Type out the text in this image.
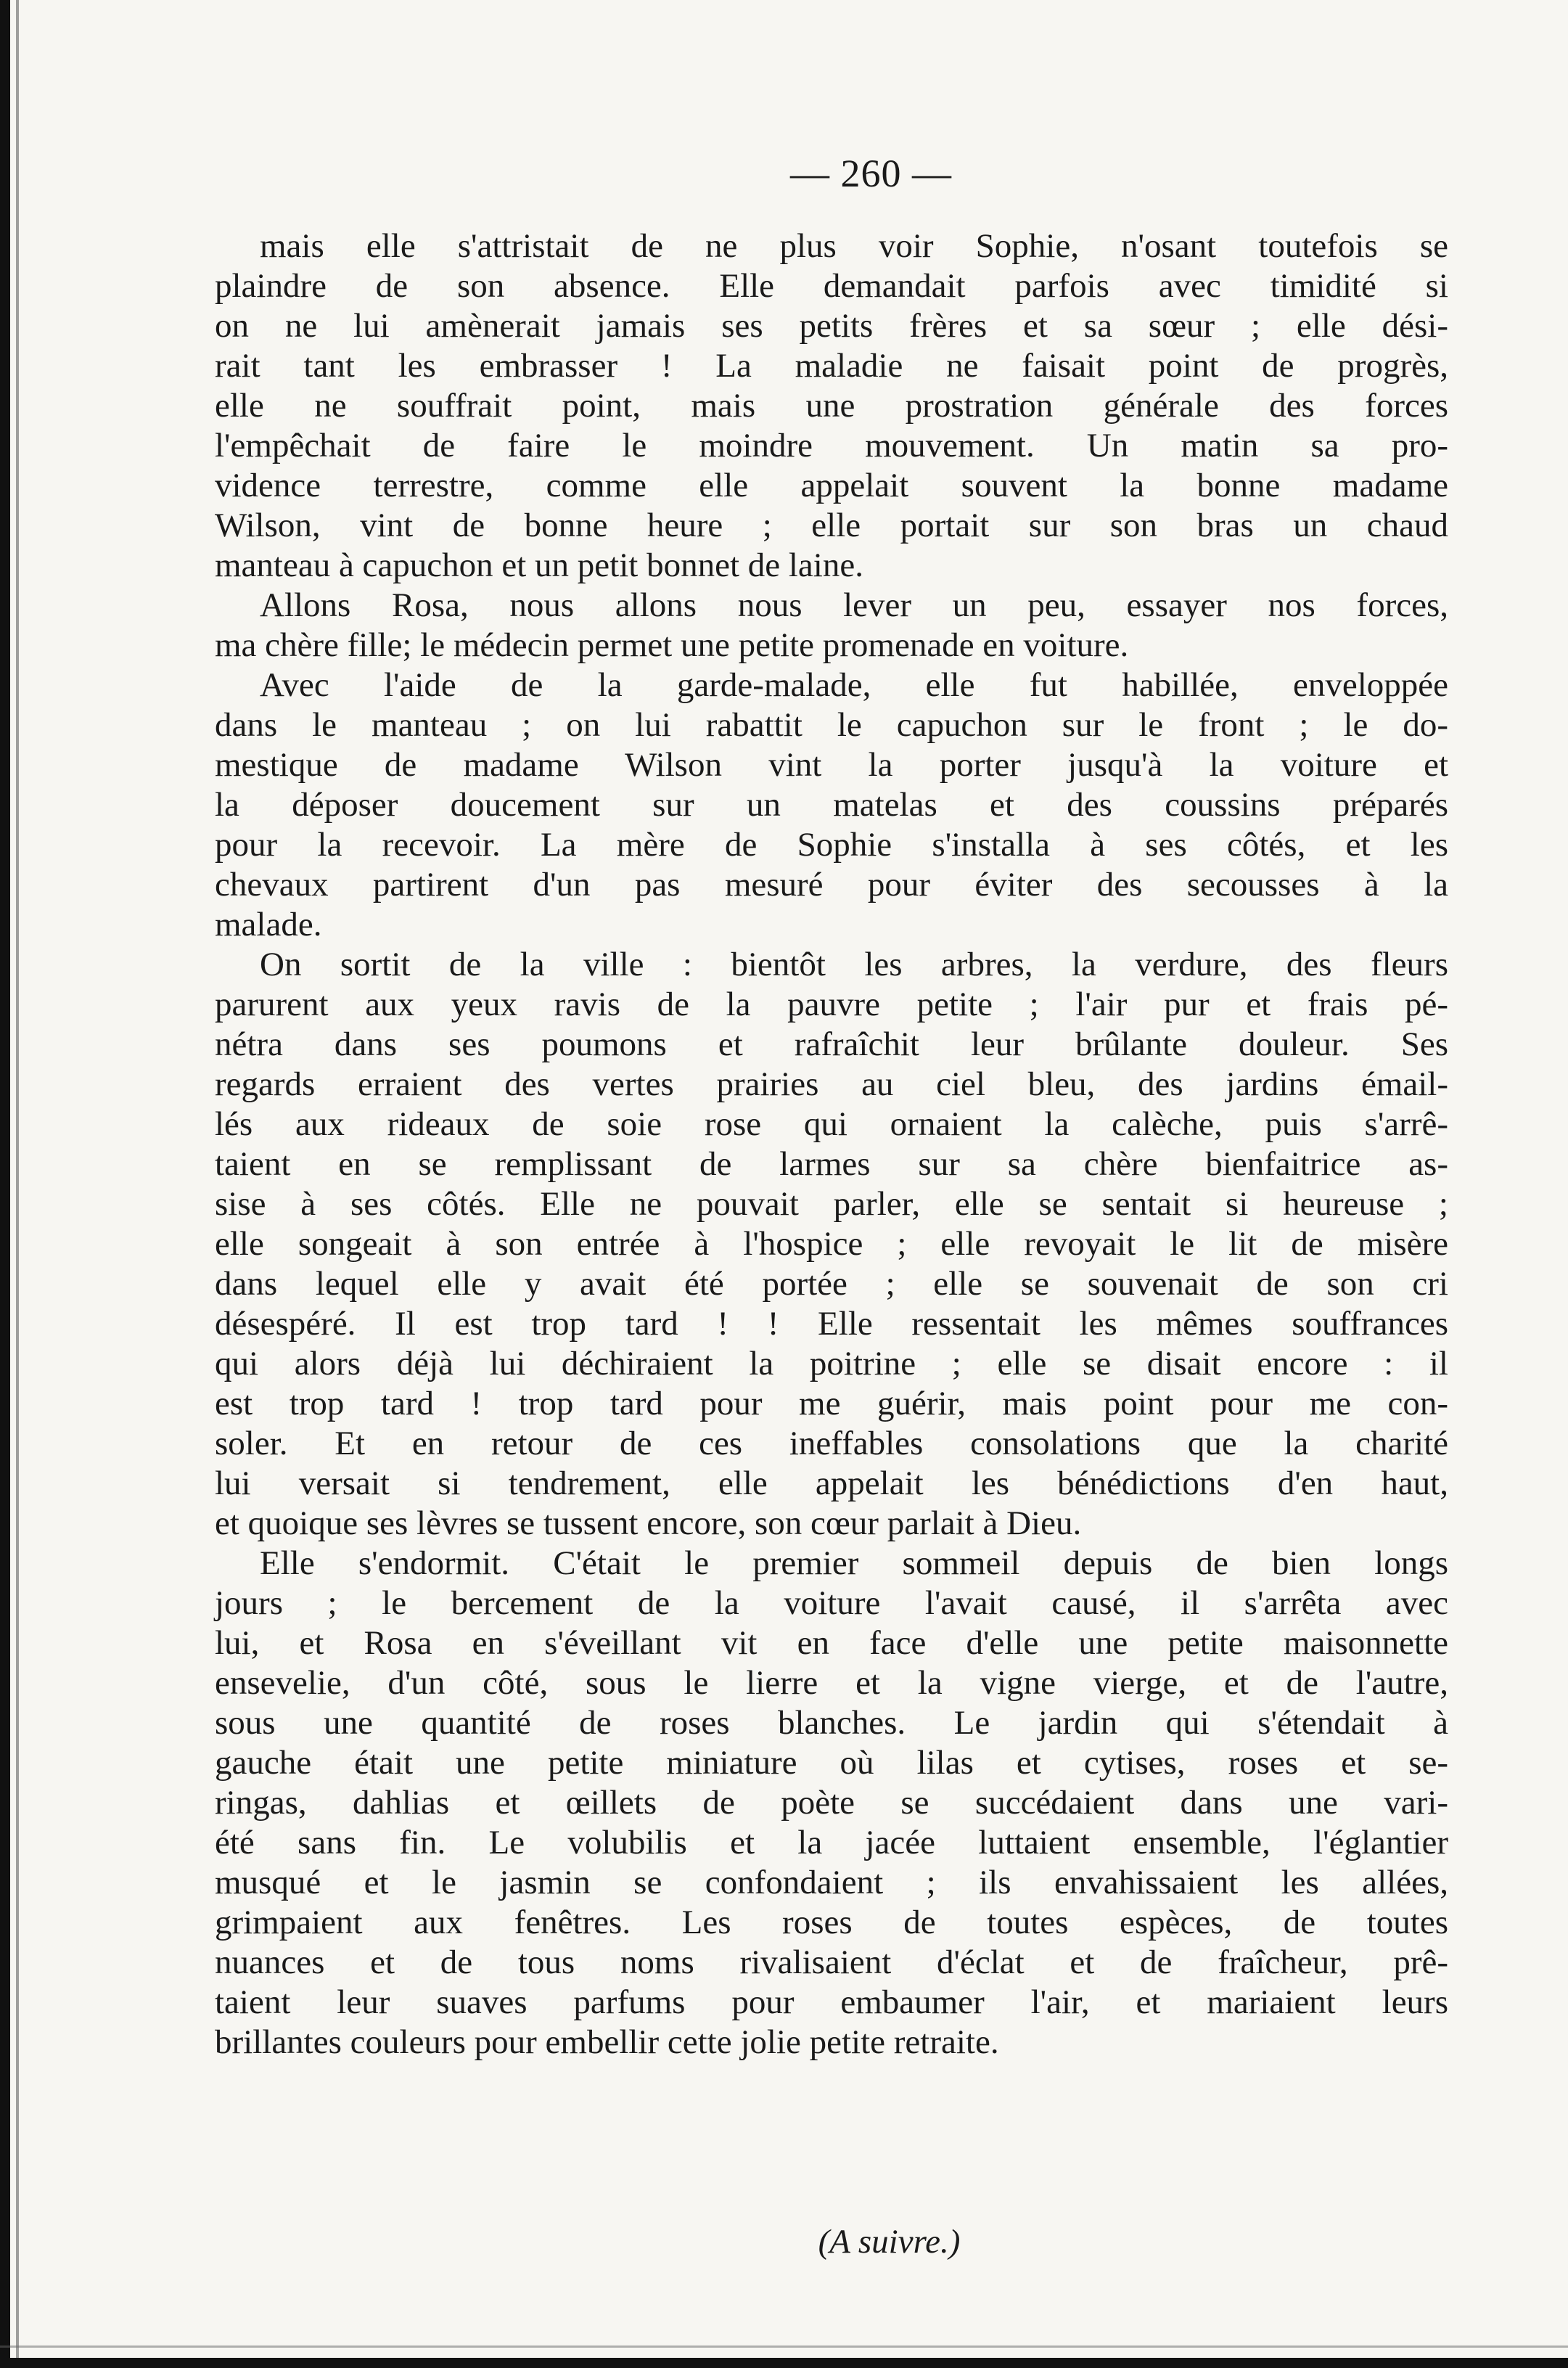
— 260 —
mais elle s'attristait de ne plus voir Sophie, n'osant toutefois se
plaindre de son absence. Elle demandait parfois avec timidité si
on ne lui amènerait jamais ses petits frères et sa sœur ; elle dési-
rait tant les embrasser ! La maladie ne faisait point de progrès,
elle ne souffrait point, mais une prostration générale des forces
l'empêchait de faire le moindre mouvement. Un matin sa pro-
vidence terrestre, comme elle appelait souvent la bonne madame
Wilson, vint de bonne heure ; elle portait sur son bras un chaud
manteau à capuchon et un petit bonnet de laine.
Allons Rosa, nous allons nous lever un peu, essayer nos forces,
ma chère fille; le médecin permet une petite promenade en voiture.
Avec l'aide de la garde-malade, elle fut habillée, enveloppée
dans le manteau ; on lui rabattit le capuchon sur le front ; le do-
mestique de madame Wilson vint la porter jusqu'à la voiture et
la déposer doucement sur un matelas et des coussins préparés
pour la recevoir. La mère de Sophie s'installa à ses côtés, et les
chevaux partirent d'un pas mesuré pour éviter des secousses à la
malade.
On sortit de la ville : bientôt les arbres, la verdure, des fleurs
parurent aux yeux ravis de la pauvre petite ; l'air pur et frais pé-
nétra dans ses poumons et rafraîchit leur brûlante douleur. Ses
regards erraient des vertes prairies au ciel bleu, des jardins émail-
lés aux rideaux de soie rose qui ornaient la calèche, puis s'arrê-
taient en se remplissant de larmes sur sa chère bienfaitrice as-
sise à ses côtés. Elle ne pouvait parler, elle se sentait si heureuse ;
elle songeait à son entrée à l'hospice ; elle revoyait le lit de misère
dans lequel elle y avait été portée ; elle se souvenait de son cri
désespéré. Il est trop tard ! ! Elle ressentait les mêmes souffrances
qui alors déjà lui déchiraient la poitrine ; elle se disait encore : il
est trop tard ! trop tard pour me guérir, mais point pour me con-
soler. Et en retour de ces ineffables consolations que la charité
lui versait si tendrement, elle appelait les bénédictions d'en haut,
et quoique ses lèvres se tussent encore, son cœur parlait à Dieu.
Elle s'endormit. C'était le premier sommeil depuis de bien longs
jours ; le bercement de la voiture l'avait causé, il s'arrêta avec
lui, et Rosa en s'éveillant vit en face d'elle une petite maisonnette
ensevelie, d'un côté, sous le lierre et la vigne vierge, et de l'autre,
sous une quantité de roses blanches. Le jardin qui s'étendait à
gauche était une petite miniature où lilas et cytises, roses et se-
ringas, dahlias et œillets de poète se succédaient dans une vari-
été sans fin. Le volubilis et la jacée luttaient ensemble, l'églantier
musqué et le jasmin se confondaient ; ils envahissaient les allées,
grimpaient aux fenêtres. Les roses de toutes espèces, de toutes
nuances et de tous noms rivalisaient d'éclat et de fraîcheur, prê-
taient leur suaves parfums pour embaumer l'air, et mariaient leurs
brillantes couleurs pour embellir cette jolie petite retraite.
(A suivre.)
